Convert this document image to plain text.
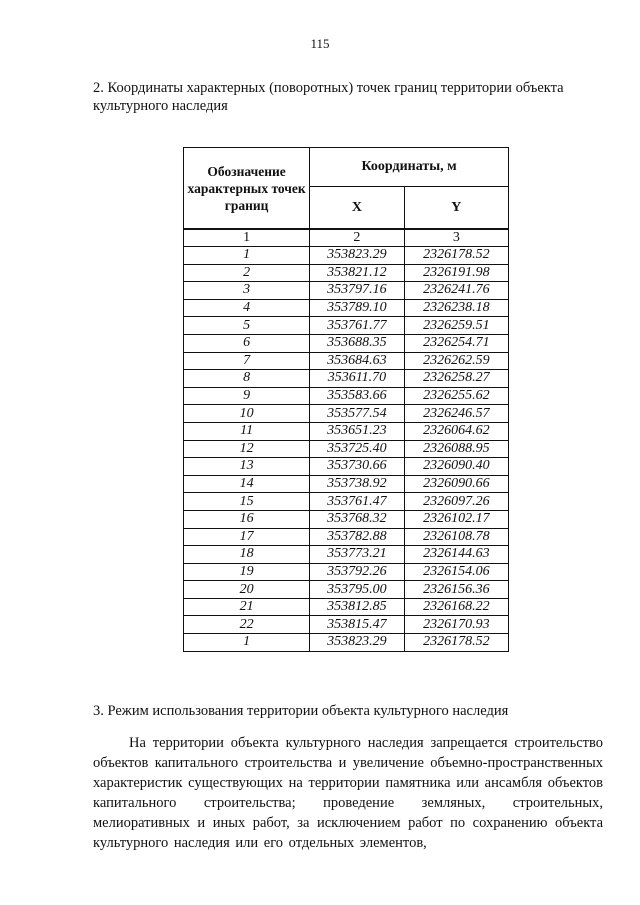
115
2. Координаты характерных (поворотных) точек границ территории объекта культурного наследия
Обозначение характерных точек границ	Координаты, м	
	X	Y
1	2	3
1	353823.29	2326178.52
2	353821.12	2326191.98
3	353797.16	2326241.76
4	353789.10	2326238.18
5	353761.77	2326259.51
6	353688.35	2326254.71
7	353684.63	2326262.59
8	353611.70	2326258.27
9	353583.66	2326255.62
10	353577.54	2326246.57
11	353651.23	2326064.62
12	353725.40	2326088.95
13	353730.66	2326090.40
14	353738.92	2326090.66
15	353761.47	2326097.26
16	353768.32	2326102.17
17	353782.88	2326108.78
18	353773.21	2326144.63
19	353792.26	2326154.06
20	353795.00	2326156.36
21	353812.85	2326168.22
22	353815.47	2326170.93
1	353823.29	2326178.52
3. Режим использования территории объекта культурного наследия
На территории объекта культурного наследия запрещается строительство объектов капитального строительства и увеличение объемно-пространственных характеристик существующих на территории памятника или ансамбля объектов капитального строительства; проведение земляных, строительных, мелиоративных и иных работ, за исключением работ по сохранению объекта культурного наследия или его отдельных элементов,
